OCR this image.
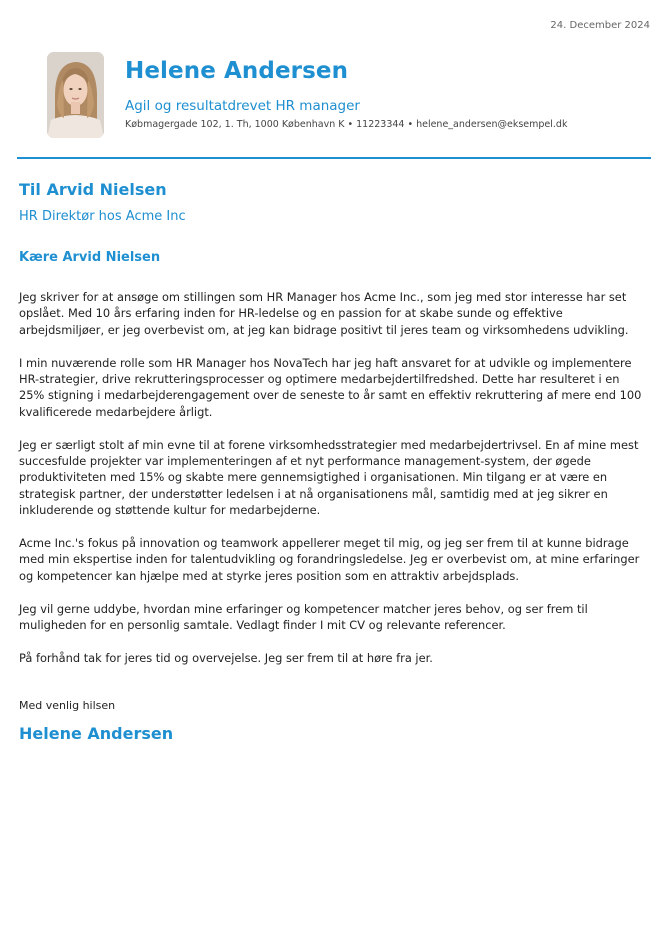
24. December 2024
Helene Andersen
Agil og resultatdrevet HR manager
Købmagergade 102, 1. Th, 1000 København K • 11223344 • helene_andersen@eksempel.dk
Til Arvid Nielsen
HR Direktør hos Acme Inc
Kære Arvid Nielsen

Jeg skriver for at ansøge om stillingen som HR Manager hos Acme Inc., som jeg med stor interesse har set opslået. Med 10 års erfaring inden for HR-ledelse og en passion for at skabe sunde og effektive arbejdsmiljøer, er jeg overbevist om, at jeg kan bidrage positivt til jeres team og virksomhedens udvikling.

I min nuværende rolle som HR Manager hos NovaTech har jeg haft ansvaret for at udvikle og implementere HR-strategier, drive rekrutteringsprocesser og optimere medarbejdertilfredshed. Dette har resulteret i en 25% stigning i medarbejderengagement over de seneste to år samt en effektiv rekruttering af mere end 100 kvalificerede medarbejdere årligt.

Jeg er særligt stolt af min evne til at forene virksomhedsstrategier med medarbejdertrivsel. En af mine mest succesfulde projekter var implementeringen af et nyt performance management-system, der øgede produktiviteten med 15% og skabte mere gennemsigtighed i organisationen. Min tilgang er at være en strategisk partner, der understøtter ledelsen i at nå organisationens mål, samtidig med at jeg sikrer en inkluderende og støttende kultur for medarbejderne.

Acme Inc.'s fokus på innovation og teamwork appellerer meget til mig, og jeg ser frem til at kunne bidrage med min ekspertise inden for talentudvikling og forandringsledelse. Jeg er overbevist om, at mine erfaringer og kompetencer kan hjælpe med at styrke jeres position som en attraktiv arbejdsplads.

Jeg vil gerne uddybe, hvordan mine erfaringer og kompetencer matcher jeres behov, og ser frem til muligheden for en personlig samtale. Vedlagt finder I mit CV og relevante referencer.

På forhånd tak for jeres tid og overvejelse. Jeg ser frem til at høre fra jer.

Med venlig hilsen
Helene Andersen
